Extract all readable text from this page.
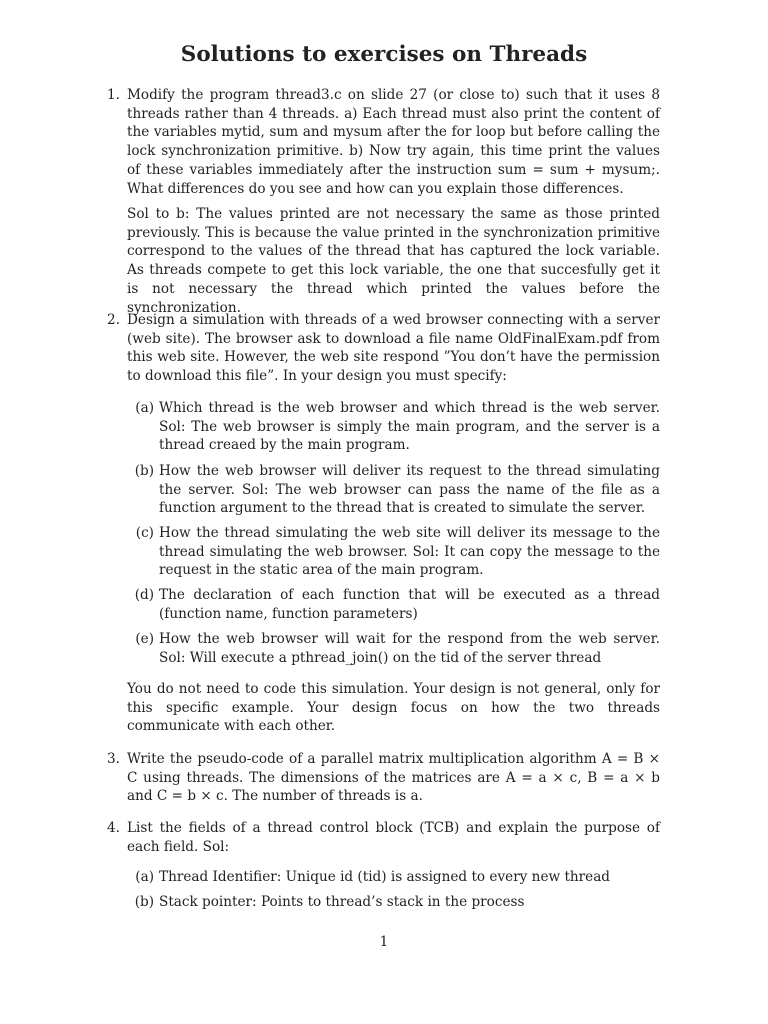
Solutions to exercises on Threads
1. Modify the program thread3.c on slide 27 (or close to) such that it uses 8 threads rather than 4 threads. a) Each thread must also print the content of the variables mytid, sum and mysum after the for loop but before calling the lock synchronization primitive. b) Now try again, this time print the values of these variables immediately after the instruction sum = sum + mysum;. What differences do you see and how can you explain those differences.
Sol to b: The values printed are not necessary the same as those printed previously. This is because the value printed in the synchronization primitive correspond to the values of the thread that has captured the lock variable. As threads compete to get this lock variable, the one that succesfully get it is not necessary the thread which printed the values before the synchronization.
2. Design a simulation with threads of a wed browser connecting with a server (web site). The browser ask to download a file name OldFinalExam.pdf from this web site. However, the web site respond ”You don’t have the permission to download this file”. In your design you must specify:
(a) Which thread is the web browser and which thread is the web server. Sol: The web browser is simply the main program, and the server is a thread creaed by the main program.
(b) How the web browser will deliver its request to the thread simulating the server. Sol: The web browser can pass the name of the file as a function argument to the thread that is created to simulate the server.
(c) How the thread simulating the web site will deliver its message to the thread simulating the web browser. Sol: It can copy the message to the request in the static area of the main program.
(d) The declaration of each function that will be executed as a thread (function name, function parameters)
(e) How the web browser will wait for the respond from the web server. Sol: Will execute a pthread_join() on the tid of the server thread
You do not need to code this simulation. Your design is not general, only for this specific example. Your design focus on how the two threads communicate with each other.
3. Write the pseudo-code of a parallel matrix multiplication algorithm A = B × C using threads. The dimensions of the matrices are A = a × c, B = a × b and C = b × c. The number of threads is a.
4. List the fields of a thread control block (TCB) and explain the purpose of each field. Sol:
(a) Thread Identifier: Unique id (tid) is assigned to every new thread
(b) Stack pointer: Points to thread’s stack in the process
1
